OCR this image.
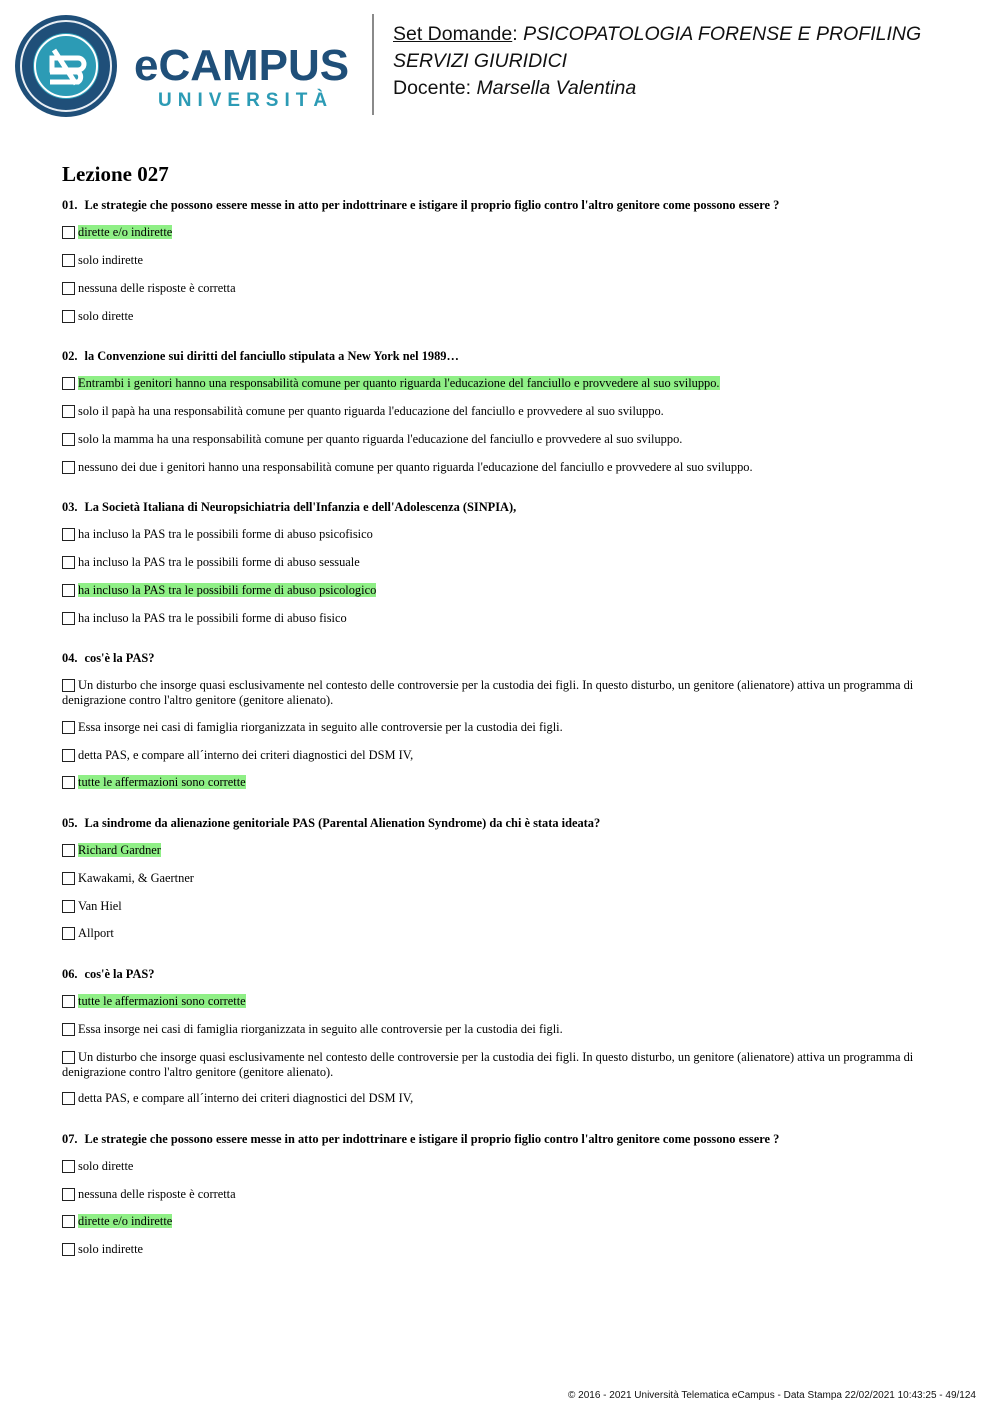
eCAMPUS
UNIVERSITÀ
Set Domande: PSICOPATOLOGIA FORENSE E PROFILING
SERVIZI GIURIDICI
Docente: Marsella Valentina
Lezione 027
01. Le strategie che possono essere messe in atto per indottrinare e istigare il proprio figlio contro l'altro genitore come possono essere ?
dirette e/o indirette
solo indirette
nessuna delle risposte è corretta
solo dirette
02. la Convenzione sui diritti del fanciullo stipulata a New York nel 1989…
Entrambi i genitori hanno una responsabilità comune per quanto riguarda l'educazione del fanciullo e provvedere al suo sviluppo.
solo il papà ha una responsabilità comune per quanto riguarda l'educazione del fanciullo e provvedere al suo sviluppo.
solo la mamma ha una responsabilità comune per quanto riguarda l'educazione del fanciullo e provvedere al suo sviluppo.
nessuno dei due i genitori hanno una responsabilità comune per quanto riguarda l'educazione del fanciullo e provvedere al suo sviluppo.
03. La Società Italiana di Neuropsichiatria dell'Infanzia e dell'Adolescenza (SINPIA),
ha incluso la PAS tra le possibili forme di abuso psicofisico
ha incluso la PAS tra le possibili forme di abuso sessuale
ha incluso la PAS tra le possibili forme di abuso psicologico
ha incluso la PAS tra le possibili forme di abuso fisico
04. cos'è la PAS?
Un disturbo che insorge quasi esclusivamente nel contesto delle controversie per la custodia dei figli. In questo disturbo, un genitore (alienatore) attiva un programma di denigrazione contro l'altro genitore (genitore alienato).
Essa insorge nei casi di famiglia riorganizzata in seguito alle controversie per la custodia dei figli.
detta PAS, e compare all´interno dei criteri diagnostici del DSM IV,
tutte le affermazioni sono corrette
05. La sindrome da alienazione genitoriale PAS (Parental Alienation Syndrome) da chi è stata ideata?
Richard Gardner
Kawakami, & Gaertner
Van Hiel
Allport
06. cos'è la PAS?
tutte le affermazioni sono corrette
Essa insorge nei casi di famiglia riorganizzata in seguito alle controversie per la custodia dei figli.
Un disturbo che insorge quasi esclusivamente nel contesto delle controversie per la custodia dei figli. In questo disturbo, un genitore (alienatore) attiva un programma di denigrazione contro l'altro genitore (genitore alienato).
detta PAS, e compare all´interno dei criteri diagnostici del DSM IV,
07. Le strategie che possono essere messe in atto per indottrinare e istigare il proprio figlio contro l'altro genitore come possono essere ?
solo dirette
nessuna delle risposte è corretta
dirette e/o indirette
solo indirette
© 2016 - 2021 Università Telematica eCampus - Data Stampa 22/02/2021 10:43:25 - 49/124
